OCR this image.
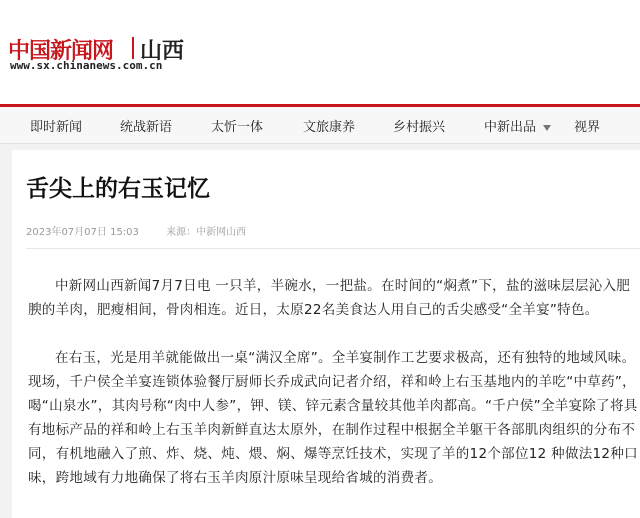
中国新闻网 山西
www.sx.chinanews.com.cn
即时新闻	统战新语	太忻一体	文旅康养	乡村振兴	中新出品	视界
舌尖上的右玉记忆
2023年07月07日 15:03	来源：中新网山西

中新网山西新闻7月7日电 一只羊，半碗水，一把盐。在时间的“焖煮”下，盐的滋味层层沁入肥腴的羊肉，肥瘦相间，骨肉相连。近日，太原22名美食达人用自己的舌尖感受“全羊宴”特色。

在右玉，光是用羊就能做出一桌“满汉全席”。全羊宴制作工艺要求极高，还有独特的地域风味。现场，千户侯全羊宴连锁体验餐厅厨师长乔成武向记者介绍，祥和岭上右玉基地内的羊吃“中草药”，喝“山泉水”，其肉号称“肉中人参”，钾、镁、锌元素含量较其他羊肉都高。“千户侯”全羊宴除了将具有地标产品的祥和岭上右玉羊肉新鲜直达太原外，在制作过程中根据全羊躯干各部肌肉组织的分布不同，有机地融入了煎、炸、烧、炖、煨、焖、爆等烹饪技术，实现了羊的12个部位12 种做法12种口味，跨地域有力地确保了将右玉羊肉原汁原味呈现给省城的消费者。
